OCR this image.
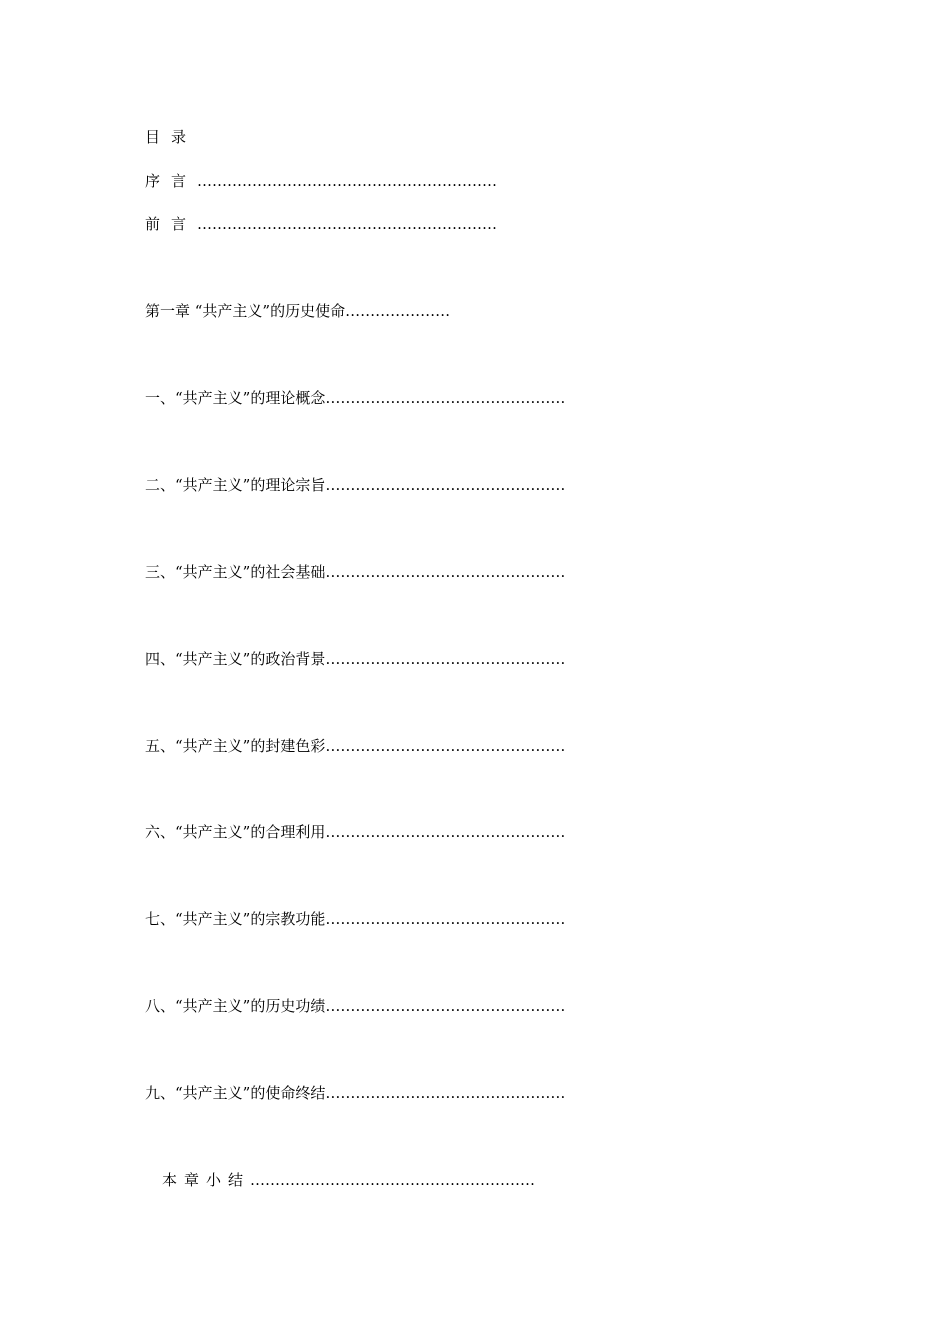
目录
序言……………………………………………………
前言……………………………………………………
第一章 “共产主义”的历史使命…………………
一、“共产主义”的理论概念…………………………………………
二、“共产主义”的理论宗旨…………………………………………
三、“共产主义”的社会基础…………………………………………
四、“共产主义”的政治背景…………………………………………
五、“共产主义”的封建色彩…………………………………………
六、“共产主义”的合理利用…………………………………………
七、“共产主义”的宗教功能…………………………………………
八、“共产主义”的历史功绩…………………………………………
九、“共产主义”的使命终结…………………………………………
本章小结…………………………………………………
